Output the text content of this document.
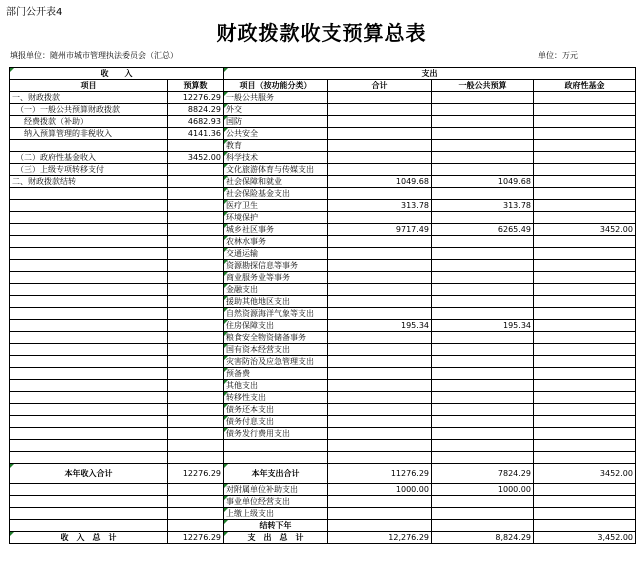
部门公开表4
财政拨款收支预算总表
填报单位：随州市城市管理执法委员会（汇总）	单位：万元
收　　入		支出			
项目	预算数	项目（按功能分类）	合计	一般公共预算	政府性基金
一、财政拨款	12276.29	一般公共服务			
（一）一般公共预算财政拨款	8824.29	外交			
经费拨款（补助）	4682.93	国防			
纳入预算管理的非税收入	4141.36	公共安全			
		教育			
（二）政府性基金收入	3452.00	科学技术			
（三）上级专项转移支付		文化旅游体育与传媒支出			
二、财政拨款结转		社会保障和就业	1049.68	1049.68	
		社会保险基金支出			
		医疗卫生	313.78	313.78	
		环境保护			
		城乡社区事务	9717.49	6265.49	3452.00
		农林水事务			
		交通运输			
		资源勘探信息等事务			
		商业服务业等事务			
		金融支出			
		援助其他地区支出			
		自然资源海洋气象等支出			
		住房保障支出	195.34	195.34	
		粮食安全物资储备事务			
		国有资本经营支出			
		灾害防治及应急管理支出			
		预备费			
		其他支出			
		转移性支出			
		债务还本支出			
		债务付息支出			
		债务发行费用支出			

本年收入合计	12276.29	本年支出合计	11276.29	7824.29	3452.00
		对附属单位补助支出	1000.00	1000.00	
		事业单位经营支出			
		上缴上级支出			
		结转下年			
收　入　总　计	12276.29	支　出　总　计	12,276.29	8,824.29	3,452.00
